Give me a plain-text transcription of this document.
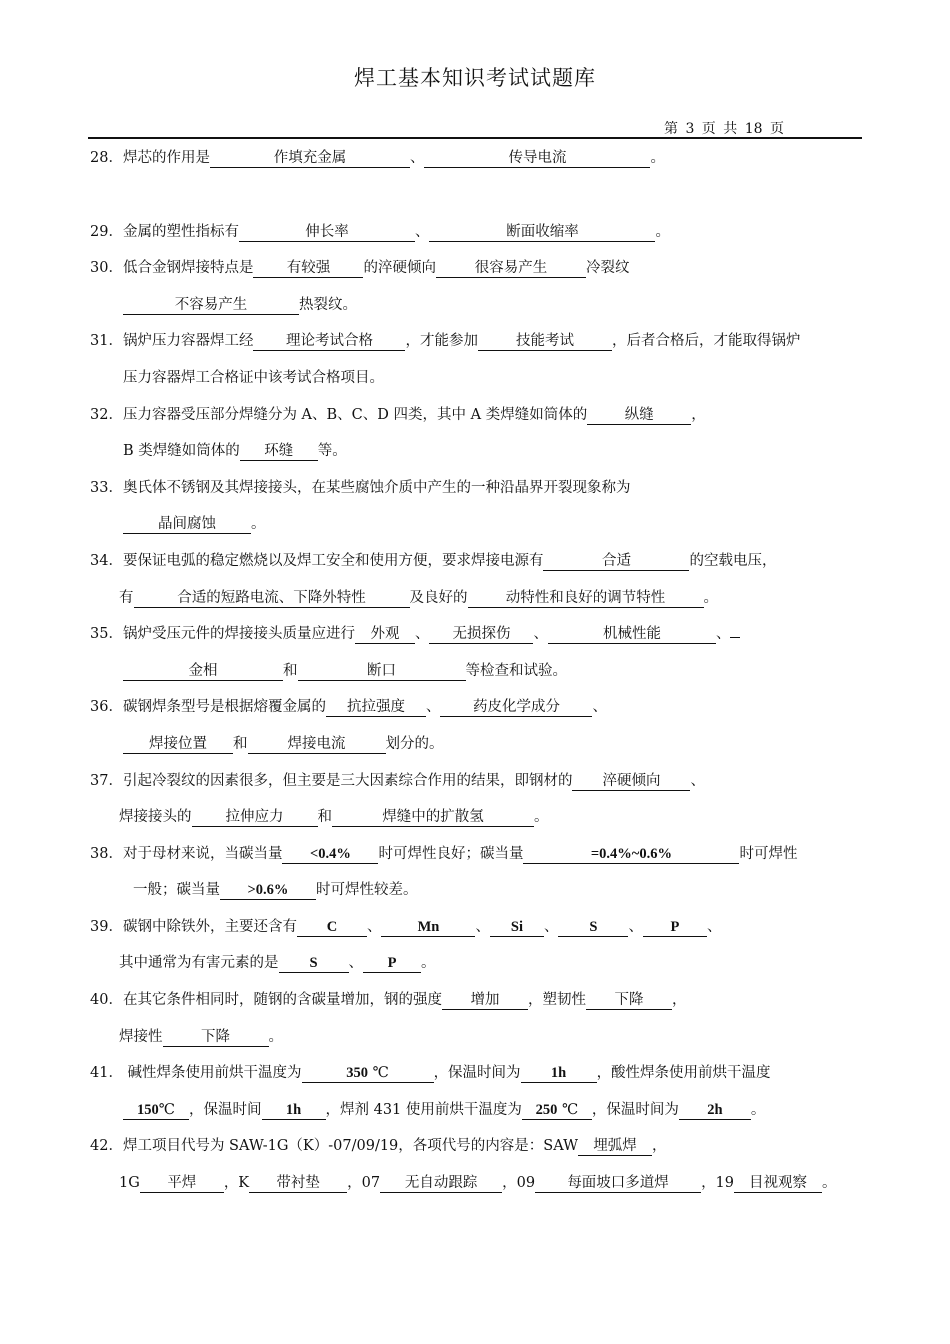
焊工基本知识考试试题库
第 3 页 共 18 页
28．焊芯的作用是	作填充金属	、	传导电流	。
29．金属的塑性指标有	伸长率	、	断面收缩率	。
30．低合金钢焊接特点是 有较强 的淬硬倾向	很容易产生	冷裂纹
不容易产生	热裂纹。
31．锅炉压力容器焊工经 理论考试合格 ，才能参加	技能考试	，后者合格后，才能取得锅炉
压力容器焊工合格证中该考试合格项目。
32．压力容器受压部分焊缝分为 A、B、C、D 四类，其中 A 类焊缝如筒体的	纵缝	，
B 类焊缝如筒体的 环缝 等。
33．奥氏体不锈钢及其焊接接头，在某些腐蚀介质中产生的一种沿晶界开裂现象称为
晶间腐蚀 。
34．要保证电弧的稳定燃烧以及焊工安全和使用方便，要求焊接电源有	合适	的空载电压，
有	合适的短路电流、下降外特性	及良好的	动特性和良好的调节特性	。
35．锅炉受压元件的焊接接头质量应进行 外观 、 无损探伤 、	机械性能	、
金相	和	断口	等检查和试验。
36．碳钢焊条型号是根据熔覆金属的 抗拉强度 、 药皮化学成分 、
焊接位置 和	焊接电流	划分的。
37．引起冷裂纹的因素很多，但主要是三大因素综合作用的结果，即钢材的 淬硬倾向 、
焊接接头的 拉伸应力 和	焊缝中的扩散氢	。
38．对于母材来说，当碳当量 <0.4% 时可焊性良好；碳当量	=0.4%~0.6%	时可焊性
一般；碳当量 >0.6% 时可焊性较差。
39．碳钢中除铁外，主要还含有 C 、 Mn 、 Si 、 S 、 P 、
其中通常为有害元素的是 S 、 P 。
40．在其它条件相同时，随钢的含碳量增加，钢的强度 增加 ，塑韧性 下降 ，
焊接性	下降	。
41． 碱性焊条使用前烘干温度为	350 ℃	，保温时间为 1h ，酸性焊条使用前烘干温度
150℃ ，保温时间 1h ，焊剂 431 使用前烘干温度为 250 ℃ ，保温时间为 2h 。
42．焊工项目代号为 SAW-1G（K）-07/09/19，各项代号的内容是：SAW 埋弧焊 ，
1G 平焊 ，K 带衬垫 ，07 无自动跟踪 ，09 每面坡口多道焊 ，19 目视观察 。
